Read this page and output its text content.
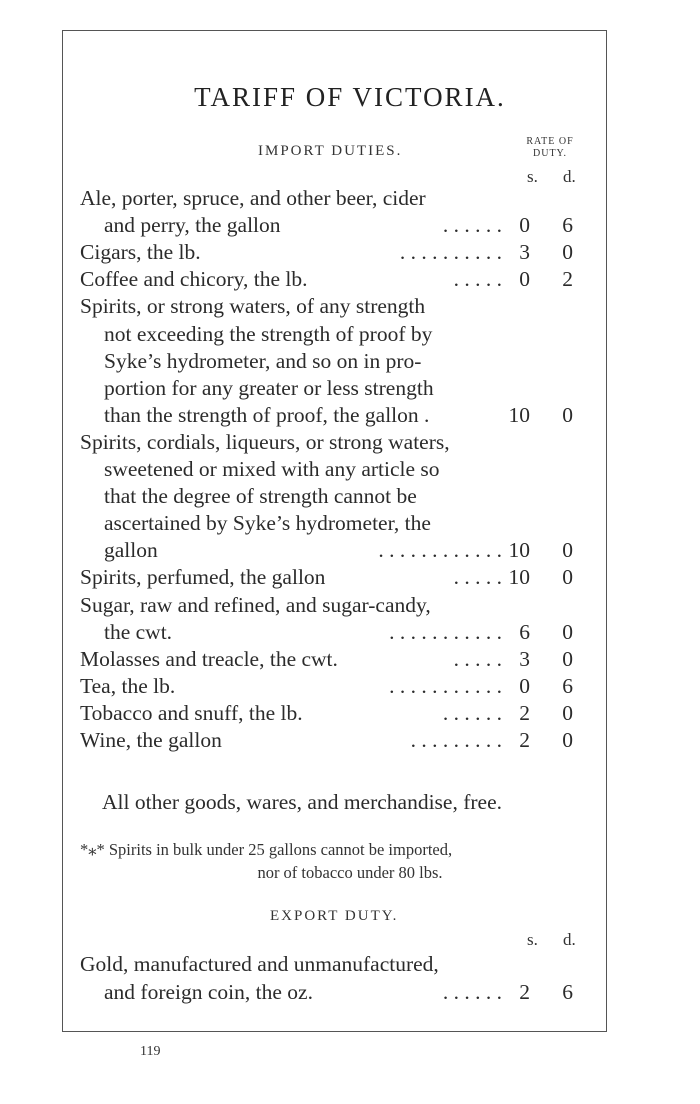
TARIFF OF VICTORIA.
IMPORT DUTIES.
RATE OF
DUTY.
s. d.
Ale, porter, spruce, and other beer, cider
and perry, the gallon	. . . . . . 0	6
Cigars, the lb.	. . . . . . . . . . 3	0
Coffee and chicory, the lb.	. . . . . 0	2
Spirits, or strong waters, of any strength
not exceeding the strength of proof by
Syke’s hydrometer, and so on in pro-
portion for any greater or less strength
than the strength of proof, the gallon .	10	0
Spirits, cordials, liqueurs, or strong waters,
sweetened or mixed with any article so
that the degree of strength cannot be
ascertained by Syke’s hydrometer, the
gallon	. . . . . . . . . . . . 10	0
Spirits, perfumed, the gallon	. . . . . 10	0
Sugar, raw and refined, and sugar-candy,
the cwt.	. . . . . . . . . . . 6	0
Molasses and treacle, the cwt.	. . . . . 3	0
Tea, the lb.	. . . . . . . . . . . 0	6
Tobacco and snuff, the lb.	. . . . . . 2	0
Wine, the gallon	. . . . . . . . . 2	0
All other goods, wares, and merchandise, free.
*⁎* Spirits in bulk under 25 gallons cannot be imported,
nor of tobacco under 80 lbs.
EXPORT DUTY.
s. d.
Gold, manufactured and unmanufactured,
and foreign coin, the oz.	. . . . . . 2	6
119
